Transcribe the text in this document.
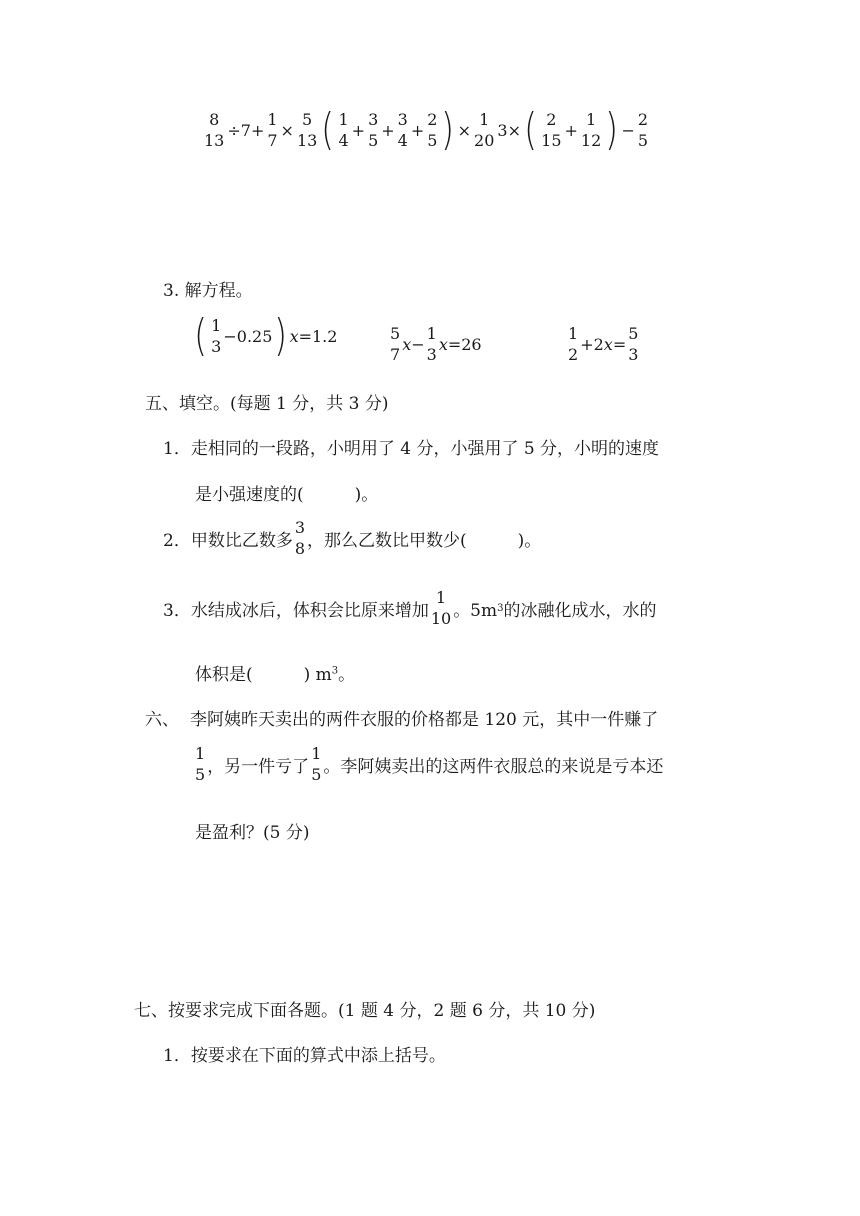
8
13
÷7+
1
7
×
5
13 ( 1
4
+
3
5
+
3
4
+
2
5 ) ×
1
20
3× ( 2
15
+
1
12 ) −
2
5
3. 解方程。
( 1
3
−0.25 ) x =1.2	5
7
x −
1
3
x =26
1
2
+2 x =
5
3
五、填空。(每题 1 分，共 3 分)
1．走相同的一段路，小明用了 4 分，小强用了 5 分，小明的速度
是小强速度的(　　　)。
2．甲数比乙数多
3
8 ，那么乙数比甲数少(　　　)。
3．水结成冰后，体积会比原来增加
1
10 。5m 3 的冰融化成水，水的
体积是(　　　) $m^3$。
六、 李阿姨昨天卖出的两件衣服的价格都是 120 元，其中一件赚了
1
5 ，另一件亏了
1
5 。李阿姨卖出的这两件衣服总的来说是亏本还
是盈利？(5 分)
七、按要求完成下面各题。(1 题 4 分，2 题 6 分，共 10 分)
1．按要求在下面的算式中添上括号。
